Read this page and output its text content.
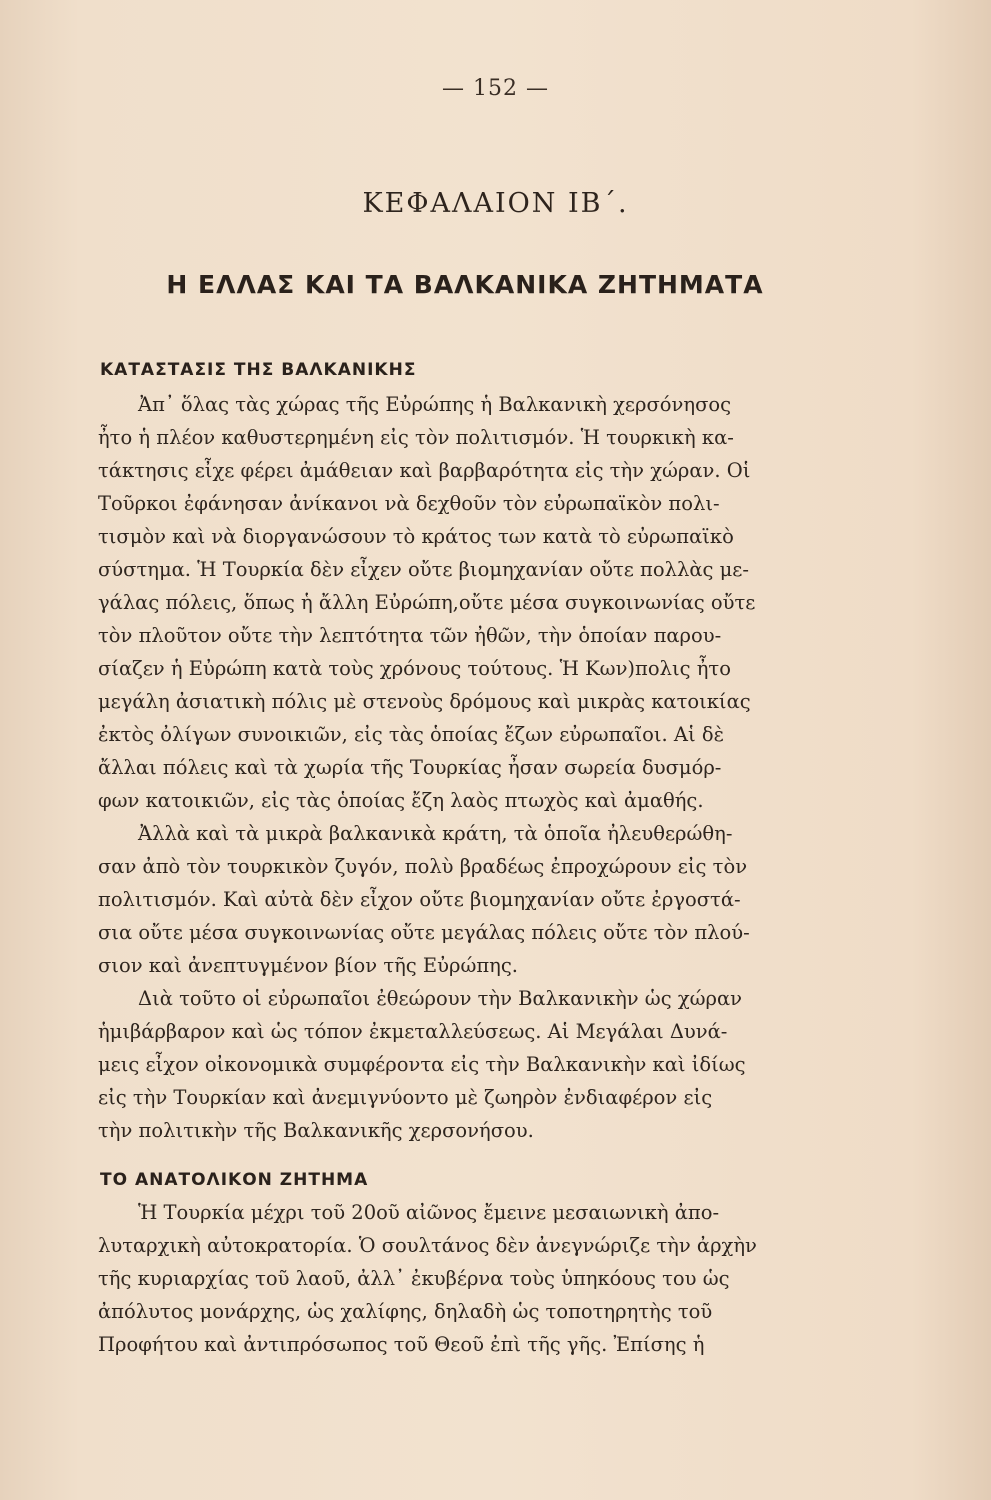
— 152 —
ΚΕΦΑΛΑΙΟΝ ΙΒ΄.
Η ΕΛΛΑΣ ΚΑΙ ΤΑ ΒΑΛΚΑΝΙΚΑ ΖΗΤΗΜΑΤΑ
ΚΑΤΑΣΤΑΣΙΣ ΤΗΣ ΒΑΛΚΑΝΙΚΗΣ
Ἀπ᾽ ὅλας τὰς χώρας τῆς Εὐρώπης ἡ Βαλκανικὴ χερσόνησος
ἦτο ἡ πλέον καθυστερημένη εἰς τὸν πολιτισμόν. Ἡ τουρκικὴ κα-
τάκτησις εἶχε φέρει ἀμάθειαν καὶ βαρβαρότητα εἰς τὴν χώραν. Οἱ
Τοῦρκοι ἐφάνησαν ἀνίκανοι νὰ δεχθοῦν τὸν εὐρωπαϊκὸν πολι-
τισμὸν καὶ νὰ διοργανώσουν τὸ κράτος των κατὰ τὸ εὐρωπαϊκὸ
σύστημα. Ἡ Τουρκία δὲν εἶχεν οὔτε βιομηχανίαν οὔτε πολλὰς με-
γάλας πόλεις, ὅπως ἡ ἄλλη Εὐρώπη,οὔτε μέσα συγκοινωνίας οὔτε
τὸν πλοῦτον οὔτε τὴν λεπτότητα τῶν ἠθῶν, τὴν ὁποίαν παρου-
σίαζεν ἡ Εὐρώπη κατὰ τοὺς χρόνους τούτους. Ἡ Κων)πολις ἦτο
μεγάλη ἀσιατικὴ πόλις μὲ στενοὺς δρόμους καὶ μικρὰς κατοικίας
ἐκτὸς ὀλίγων συνοικιῶν, εἰς τὰς ὁποίας ἔζων εὐρωπαῖοι. Αἱ δὲ
ἄλλαι πόλεις καὶ τὰ χωρία τῆς Τουρκίας ἦσαν σωρεία δυσμόρ-
φων κατοικιῶν, εἰς τὰς ὁποίας ἔζη λαὸς πτωχὸς καὶ ἀμαθής.
Ἀλλὰ καὶ τὰ μικρὰ βαλκανικὰ κράτη, τὰ ὁποῖα ἠλευθερώθη-
σαν ἀπὸ τὸν τουρκικὸν ζυγόν, πολὺ βραδέως ἐπροχώρουν εἰς τὸν
πολιτισμόν. Καὶ αὐτὰ δὲν εἶχον οὔτε βιομηχανίαν οὔτε ἐργοστά-
σια οὔτε μέσα συγκοινωνίας οὔτε μεγάλας πόλεις οὔτε τὸν πλού-
σιον καὶ ἀνεπτυγμένον βίον τῆς Εὐρώπης.
Διὰ τοῦτο οἱ εὐρωπαῖοι ἐθεώρουν τὴν Βαλκανικὴν ὡς χώραν
ἡμιβάρβαρον καὶ ὡς τόπον ἐκμεταλλεύσεως. Αἱ Μεγάλαι Δυνά-
μεις εἶχον οἰκονομικὰ συμφέροντα εἰς τὴν Βαλκανικὴν καὶ ἰδίως
εἰς τὴν Τουρκίαν καὶ ἀνεμιγνύοντο μὲ ζωηρὸν ἐνδιαφέρον εἰς
τὴν πολιτικὴν τῆς Βαλκανικῆς χερσονήσου.
ΤΟ ΑΝΑΤΟΛΙΚΟΝ ΖΗΤΗΜΑ
Ἡ Τουρκία μέχρι τοῦ 20οῦ αἰῶνος ἔμεινε μεσαιωνικὴ ἀπο-
λυταρχικὴ αὐτοκρατορία. Ὁ σουλτάνος δὲν ἀνεγνώριζε τὴν ἀρχὴν
τῆς κυριαρχίας τοῦ λαοῦ, ἀλλ᾽ ἐκυβέρνα τοὺς ὑπηκόους του ὡς
ἀπόλυτος μονάρχης, ὡς χαλίφης, δηλαδὴ ὡς τοποτηρητὴς τοῦ
Προφήτου καὶ ἀντιπρόσωπος τοῦ Θεοῦ ἐπὶ τῆς γῆς. Ἐπίσης ἡ
